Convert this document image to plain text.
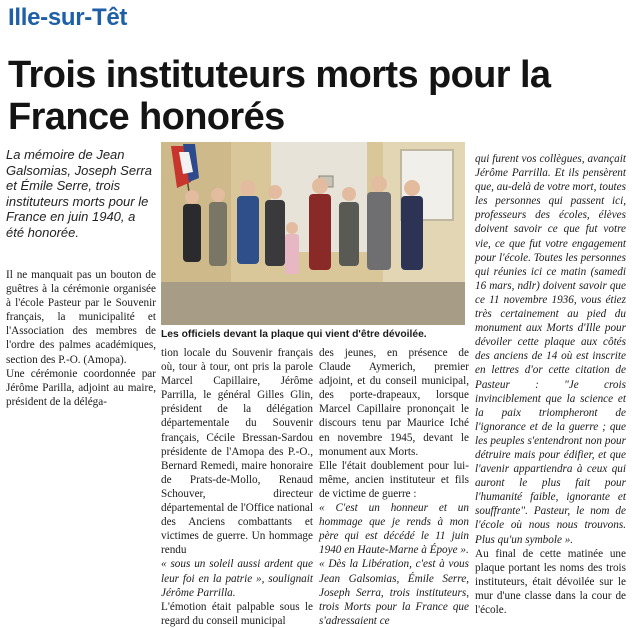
Ille-sur-Têt
Trois instituteurs morts pour la France honorés
La mémoire de Jean Galsomias, Joseph Serra et Émile Serre, trois instituteurs morts pour le France en juin 1940, a été honorée.

Il ne manquait pas un bouton de guêtres à la cérémonie organisée à l'école Pasteur par le Souvenir français, la municipalité et l'Association des membres de l'ordre des palmes académiques, section des P.-O. (Amopa).

Une cérémonie coordonnée par Jérôme Parilla, adjoint au maire, président de la déléga-

Les officiels devant la plaque qui vient d'être dévoilée.

tion locale du Souvenir français où, tour à tour, ont pris la parole Marcel Capillaire, Jérôme Parrilla, le général Gilles Glin, président de la délégation départementale du Souvenir français, Cécile Bressan-Sardou présidente de l'Amopa des P.-O., Bernard Remedi, maire honoraire de Prats-de-Mollo, Renaud Schouver, directeur départemental de l'Office national des Anciens combattants et victimes de guerre. Un hommage rendu

« sous un soleil aussi ardent que leur foi en la patrie », soulignait Jérôme Parrilla.

L'émotion était palpable sous le regard du conseil municipal

des jeunes, en présence de Claude Aymerich, premier adjoint, et du conseil municipal, des porte-drapeaux, lorsque Marcel Capillaire prononçait le discours tenu par Maurice Iché en novembre 1945, devant le monument aux Morts.

Elle l'était doublement pour lui-même, ancien instituteur et fils de victime de guerre :

« C'est un honneur et un hommage que je rends à mon père qui est décédé le 11 juin 1940 en Haute-Marne à Époye ».

« Dès la Libération, c'est à vous Jean Galsomias, Émile Serre, Joseph Serra, trois instituteurs, trois Morts pour la France que s'adressaient ce

qui furent vos collègues, avançait Jérôme Parrilla. Et ils pensèrent que, au-delà de votre mort, toutes les personnes qui passent ici, professeurs des écoles, élèves doivent savoir ce que fut votre vie, ce que fut votre engagement pour l'école. Toutes les personnes qui réunies ici ce matin (samedi 16 mars, ndlr) doivent savoir que ce 11 novembre 1936, vous étiez très certainement au pied du monument aux Morts d'Ille pour dévoiler cette plaque aux côtés des anciens de 14 où est inscrite en lettres d'or cette citation de Pasteur : "Je crois invinciblement que la science et la paix triompheront de l'ignorance et de la guerre ; que les peuples s'entendront non pour détruire mais pour édifier, et que l'avenir appartiendra à ceux qui auront le plus fait pour l'humanité faible, ignorante et souffrante". Pasteur, le nom de l'école où nous nous trouvons. Plus qu'un symbole ».

Au final de cette matinée une plaque portant les noms des trois instituteurs, était dévoilée sur le mur d'une classe dans la cour de l'école.
